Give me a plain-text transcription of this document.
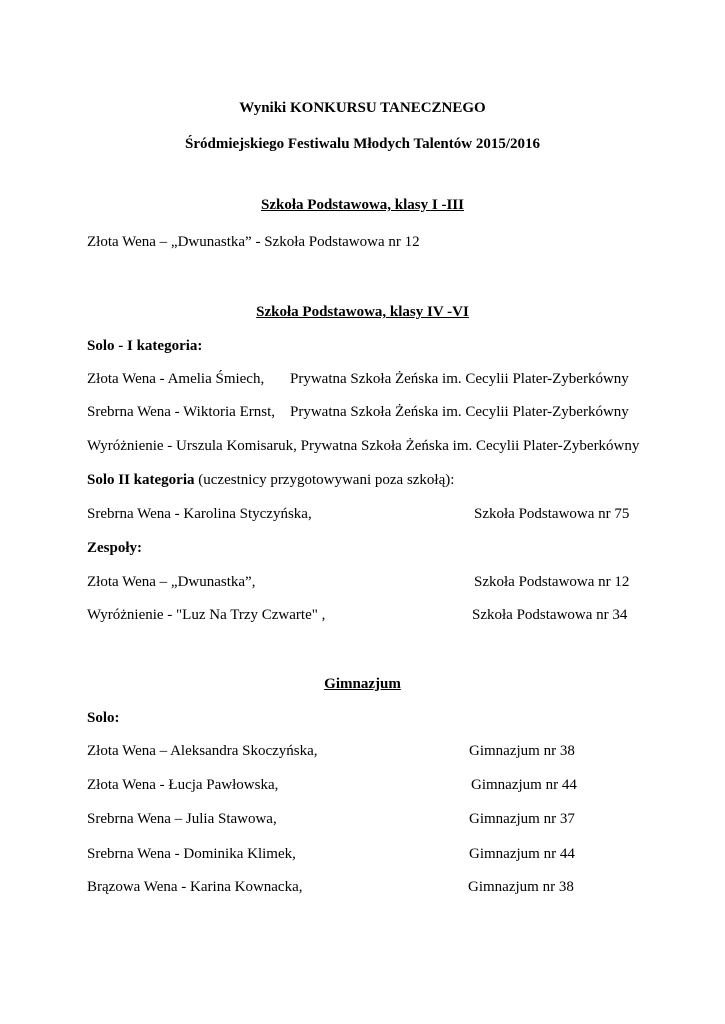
Wyniki KONKURSU TANECZNEGO
Śródmiejskiego Festiwalu Młodych Talentów 2015/2016
Szkoła Podstawowa, klasy I -III
Złota Wena – „Dwunastka” - Szkoła Podstawowa nr 12
Szkoła Podstawowa, klasy IV -VI
Solo - I kategoria:
Złota Wena - Amelia Śmiech, Prywatna Szkoła Żeńska im. Cecylii Plater-Zyberkówny
Srebrna Wena - Wiktoria Ernst, Prywatna Szkoła Żeńska im. Cecylii Plater-Zyberkówny
Wyróżnienie - Urszula Komisaruk, Prywatna Szkoła Żeńska im. Cecylii Plater-Zyberkówny
Solo II kategoria (uczestnicy przygotowywani poza szkołą):
Srebrna Wena - Karolina Styczyńska,	Szkoła Podstawowa nr 75
Zespoły:
Złota Wena – „Dwunastka”,	Szkoła Podstawowa nr 12
Wyróżnienie - "Luz Na Trzy Czwarte" ,	Szkoła Podstawowa nr 34
Gimnazjum
Solo:
Złota Wena – Aleksandra Skoczyńska,	Gimnazjum nr 38
Złota Wena - Łucja Pawłowska,	Gimnazjum nr 44
Srebrna Wena – Julia Stawowa,	Gimnazjum nr 37
Srebrna Wena - Dominika Klimek,	Gimnazjum nr 44
Brązowa Wena - Karina Kownacka,	Gimnazjum nr 38
